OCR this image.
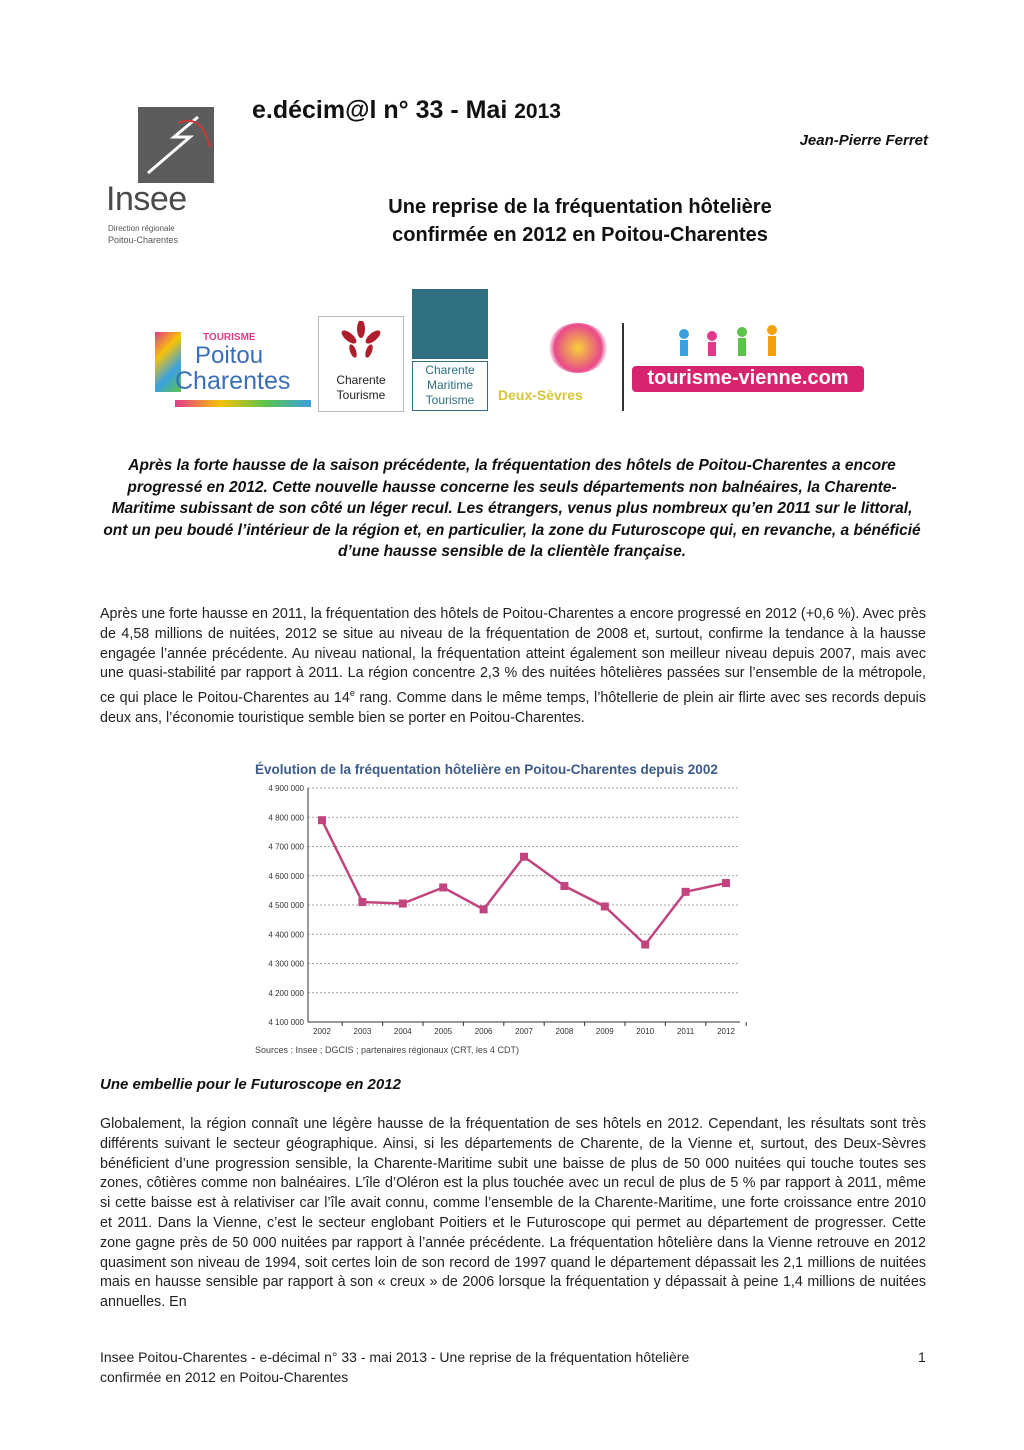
Insee
Direction régionale
Poitou-Charentes
e.décim@l n° 33 - Mai 2013
Jean-Pierre Ferret
Une reprise de la fréquentation hôtelière
confirmée en 2012 en Poitou-Charentes
TOURISME
Poitou
Charentes	Charente
Tourisme
Charente
Maritime
Tourisme	Deux-Sèvres
tourisme-vienne.com
Après la forte hausse de la saison précédente, la fréquentation des hôtels de Poitou-Charentes a encore progressé en 2012. Cette nouvelle hausse concerne les seuls départements non balnéaires, la Charente-Maritime subissant de son côté un léger recul. Les étrangers, venus plus nombreux qu’en 2011 sur le littoral, ont un peu boudé l’intérieur de la région et, en particulier, la zone du Futuroscope qui, en revanche, a bénéficié d’une hausse sensible de la clientèle française.
Après une forte hausse en 2011, la fréquentation des hôtels de Poitou-Charentes a encore progressé en 2012 (+0,6 %). Avec près de 4,58 millions de nuitées, 2012 se situe au niveau de la fréquentation de 2008 et, surtout, confirme la tendance à la hausse engagée l’année précédente. Au niveau national, la fréquentation atteint également son meilleur niveau depuis 2007, mais avec une quasi-stabilité par rapport à 2011. La région concentre 2,3 % des nuitées hôtelières passées sur l’ensemble de la métropole, ce qui place le Poitou-Charentes au 14e rang. Comme dans le même temps, l’hôtellerie de plein air flirte avec ses records depuis deux ans, l’économie touristique semble bien se porter en Poitou-Charentes.
Évolution de la fréquentation hôtelière en Poitou-Charentes depuis 2002
4 900 000
4 800 000
4 700 000
4 600 000
4 500 000
4 400 000
4 300 000
4 200 000
4 100 000
2002	2003	2004	2005	2006	2007	2008	2009	2010	2011	2012
Sources : Insee ; DGCIS ; partenaires régionaux (CRT, les 4 CDT)
Une embellie pour le Futuroscope en 2012
Globalement, la région connaît une légère hausse de la fréquentation de ses hôtels en 2012. Cependant, les résultats sont très différents suivant le secteur géographique. Ainsi, si les départements de Charente, de la Vienne et, surtout, des Deux-Sèvres bénéficient d’une progression sensible, la Charente-Maritime subit une baisse de plus de 50 000 nuitées qui touche toutes ses zones, côtières comme non balnéaires. L’île d’Oléron est la plus touchée avec un recul de plus de 5 % par rapport à 2011, même si cette baisse est à relativiser car l’île avait connu, comme l’ensemble de la Charente-Maritime, une forte croissance entre 2010 et 2011. Dans la Vienne, c’est le secteur englobant Poitiers et le Futuroscope qui permet au département de progresser. Cette zone gagne près de 50 000 nuitées par rapport à l’année précédente. La fréquentation hôtelière dans la Vienne retrouve en 2012 quasiment son niveau de 1994, soit certes loin de son record de 1997 quand le département dépassait les 2,1 millions de nuitées mais en hausse sensible par rapport à son « creux » de 2006 lorsque la fréquentation y dépassait à peine 1,4 millions de nuitées annuelles. En
Insee Poitou-Charentes - e-décimal n° 33 - mai 2013 - Une reprise de la fréquentation hôtelière
confirmée en 2012 en Poitou-Charentes
1
